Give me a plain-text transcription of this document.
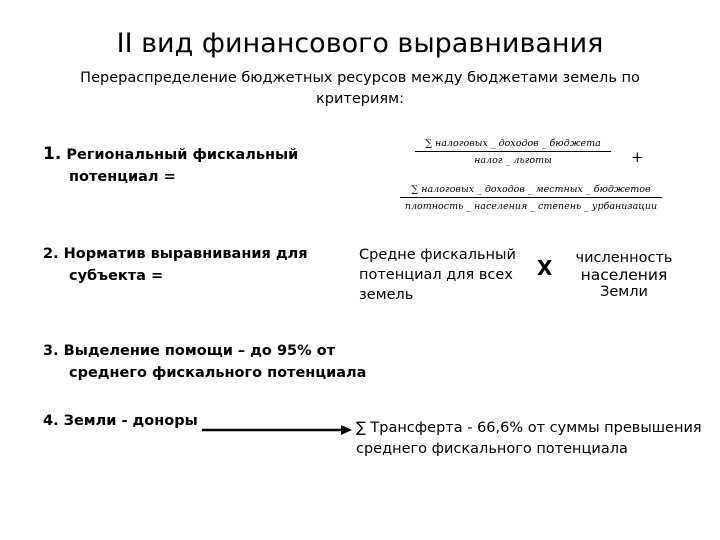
II вид финансового выравнивания
Перераспределение бюджетных ресурсов между бюджетами земель по критериям:
1. Региональный фискальный
потенциал =
2. Норматив выравнивания для
субъекта =
3. Выделение помощи – до 95% от
среднего фискального потенциала
4. Земли - доноры
∑ налоговых _ доходов _ бюджета
налог _ льготы	+
∑ налоговых _ доходов _ местных _ бюджетов
плотность _ населения _ степень _ урбанизации
Средне фискальный потенциал для всех земель
X численность
населения
Земли
∑ Трансферта - 66,6% от суммы превышения среднего фискального потенциала
